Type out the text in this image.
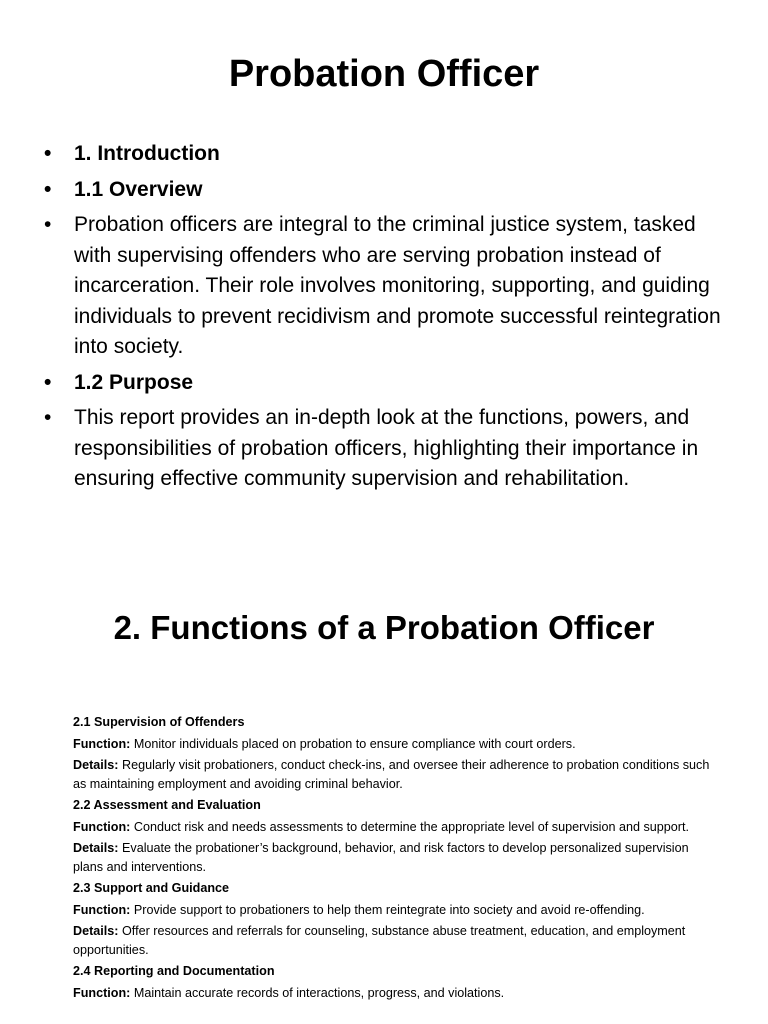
Probation Officer
• 1. Introduction
• 1.1 Overview
• Probation officers are integral to the criminal justice system, tasked with supervising offenders who are serving probation instead of incarceration. Their role involves monitoring, supporting, and guiding individuals to prevent recidivism and promote successful reintegration into society.
• 1.2 Purpose
• This report provides an in-depth look at the functions, powers, and responsibilities of probation officers, highlighting their importance in ensuring effective community supervision and rehabilitation.
2. Functions of a Probation Officer
• 2.1 Supervision of Offenders
• Function: Monitor individuals placed on probation to ensure compliance with court orders.
• Details: Regularly visit probationers, conduct check-ins, and oversee their adherence to probation conditions such as maintaining employment and avoiding criminal behavior.
• 2.2 Assessment and Evaluation
• Function: Conduct risk and needs assessments to determine the appropriate level of supervision and support.
• Details: Evaluate the probationer’s background, behavior, and risk factors to develop personalized supervision plans and interventions.
• 2.3 Support and Guidance
• Function: Provide support to probationers to help them reintegrate into society and avoid re-offending.
• Details: Offer resources and referrals for counseling, substance abuse treatment, education, and employment opportunities.
• 2.4 Reporting and Documentation
• Function: Maintain accurate records of interactions, progress, and violations.
